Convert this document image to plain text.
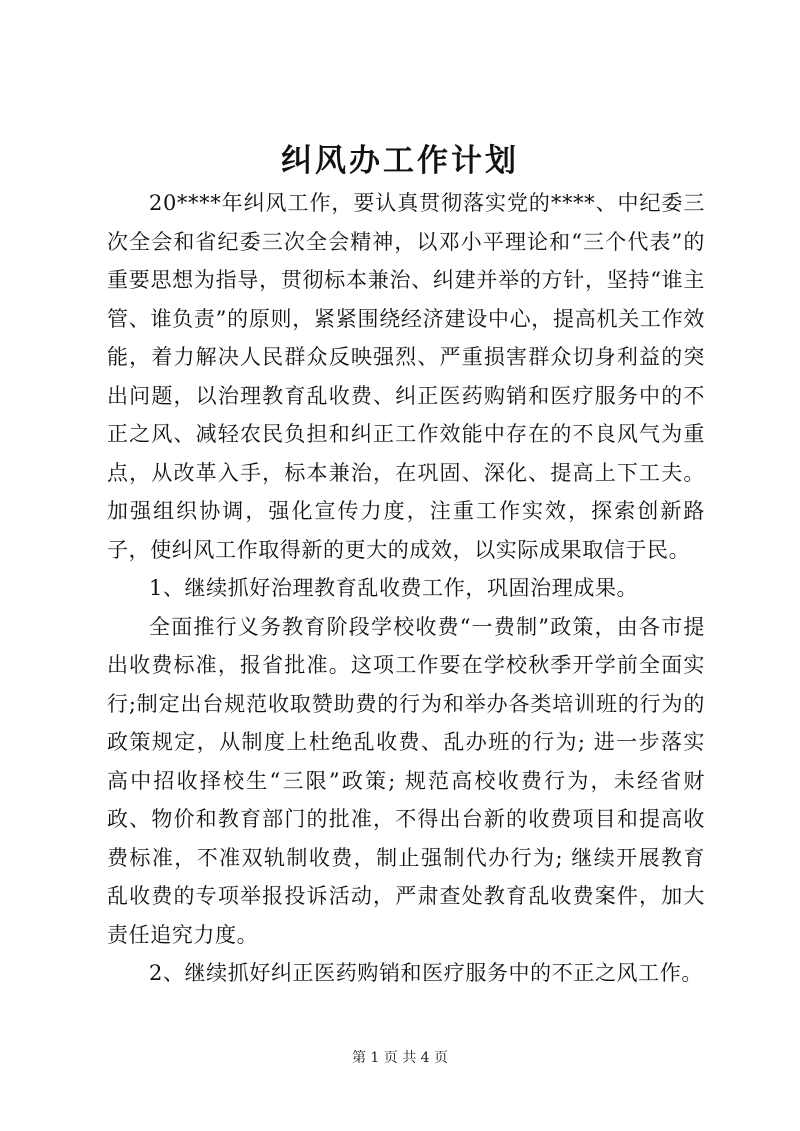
纠风办工作计划

20****年纠风工作，要认真贯彻落实党的****、中纪委三次全会和省纪委三次全会精神，以邓小平理论和“三个代表”的重要思想为指导，贯彻标本兼治、纠建并举的方针，坚持“谁主管、谁负责”的原则，紧紧围绕经济建设中心，提高机关工作效能，着力解决人民群众反映强烈、严重损害群众切身利益的突出问题，以治理教育乱收费、纠正医药购销和医疗服务中的不正之风、减轻农民负担和纠正工作效能中存在的不良风气为重点，从改革入手，标本兼治，在巩固、深化、提高上下工夫。加强组织协调，强化宣传力度，注重工作实效，探索创新路子，使纠风工作取得新的更大的成效，以实际成果取信于民。

1、继续抓好治理教育乱收费工作，巩固治理成果。

全面推行义务教育阶段学校收费“一费制”政策，由各市提出收费标准，报省批准。这项工作要在学校秋季开学前全面实行;制定出台规范收取赞助费的行为和举办各类培训班的行为的政策规定，从制度上杜绝乱收费、乱办班的行为; 进一步落实高中招收择校生“三限”政策; 规范高校收费行为，未经省财政、物价和教育部门的批准，不得出台新的收费项目和提高收费标准，不准双轨制收费，制止强制代办行为; 继续开展教育乱收费的专项举报投诉活动，严肃查处教育乱收费案件，加大责任追究力度。

2、继续抓好纠正医药购销和医疗服务中的不正之风工作。

第 1 页 共 4 页
